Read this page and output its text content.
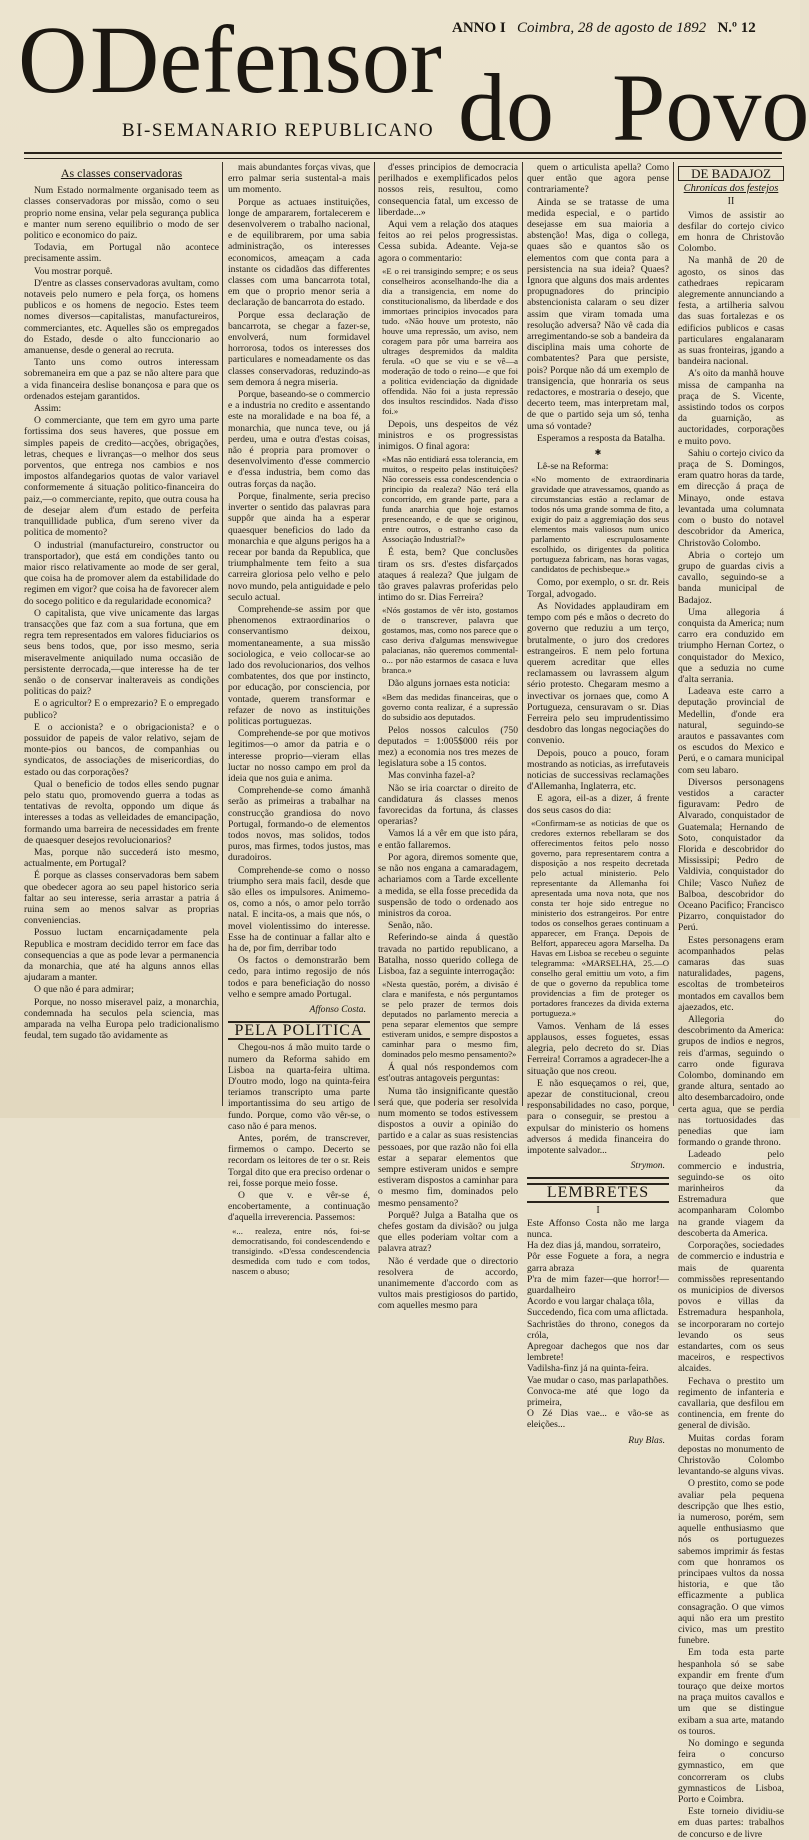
O Defensor do Povo
BI-SEMANARIO REPUBLICANO
ANNO I Coimbra, 28 de agosto de 1892 N.º 12
As classes conservadoras

Num Estado normalmente organisado teem as classes conservadoras por missão, como o seu proprio nome ensina, velar pela segurança publica e manter num sereno equilibrio o modo de ser politico e economico do paiz.

Todavia, em Portugal não acontece precisamente assim.

Vou mostrar porquê.

D'entre as classes conservadoras avultam, como notaveis pelo numero e pela força, os homens publicos e os homens de negocio. Estes teem nomes diversos—capitalistas, manufactureiros, commerciantes, etc. Aquelles são os empregados do Estado, desde o alto funccionario ao amanuense, desde o general ao recruta.

Tanto uns como outros interessam sobremaneira em que a paz se não altere para que a vida financeira deslise bonançosa e para que os ordenados estejam garantidos.

Assim:

O commerciante, que tem em gyro uma parte fortissima dos seus haveres, que possue em simples papeis de credito—acções, obrigações, letras, cheques e livranças—o melhor dos seus porventos, que entrega nos cambios e nos impostos alfandegarios quotas de valor variavel conformemente á situação politico-financeira do paiz,—o commerciante, repito, que outra cousa ha de desejar alem d'um estado de perfeita tranquillidade publica, d'um sereno viver da politica de momento?

O industrial (manufactureiro, constructor ou transportador), que está em condições tanto ou maior risco relativamente ao mode de ser geral, que coisa ha de promover alem da estabilidade do regimen em vigor? que coisa ha de favorecer alem do socego politico e da regularidade economica?

O capitalista, que vive unicamente das largas transacções que faz com a sua fortuna, que em regra tem representados em valores fiduciarios os seus bens todos, que, por isso mesmo, seria miseravelmente aniquilado numa occasião de persistente derrocada,—que interesse ha de ter senão o de conservar inalteraveis as condições politicas do paiz?

E o agricultor? E o emprezario? E o empregado publico?

E o accionista? e o obrigacionista? e o possuidor de papeis de valor relativo, sejam de monte-pios ou bancos, de companhias ou syndicatos, de associações de misericordias, do estado ou das corporações?

Qual o beneficio de todos elles sendo pugnar pelo statu quo, promovendo guerra a todas as tentativas de revolta, oppondo um dique ás interesses a todas as velleidades de emancipação, formando uma barreira de necessidades em frente de quaesquer desejos revolucionarios?

Mas, porque não succederá isto mesmo, actualmente, em Portugal?

É porque as classes conservadoras bem sabem que obedecer agora ao seu papel historico seria faltar ao seu interesse, seria arrastar a patria á ruina sem ao menos salvar as proprias conveniencias.

Possuo luctam encarniçadamente pela Republica e mostram decidido terror em face das consequencias a que as pode levar a permanencia da monarchia, que até ha alguns annos ellas ajudaram a manter.

O que não é para admirar;

Porque, no nosso miseravel paiz, a monarchia, condemnada ha seculos pela sciencia, mas amparada na velha Europa pelo tradicionalismo feudal, tem sugado tão avidamente as

mais abundantes forças vivas, que erro palmar seria sustental-a mais um momento.

Porque as actuaes instituições, longe de ampararem, fortalecerem e desenvolverem o trabalho nacional, e de equilibrarem, por uma sabia administração, os interesses economicos, ameaçam a cada instante os cidadãos das differentes classes com uma bancarrota total, em que o proprio menor seria a declaração de bancarrota do estado.

Porque essa declaração de bancarrota, se chegar a fazer-se, envolverá, num formidavel horrorosa, todos os interesses dos particulares e nomeadamente os das classes conservadoras, reduzindo-as sem demora á negra miseria.

Porque, baseando-se o commercio e a industria no credito e assentando este na moralidade e na boa fé, a monarchia, que nunca teve, ou já perdeu, uma e outra d'estas coisas, não é propria para promover o desenvolvimento d'esse commercio e d'essa industria, bem como das outras forças da nação.

Porque, finalmente, seria preciso inverter o sentido das palavras para suppôr que ainda ha a esperar quaesquer beneficios do lado da monarchia e que alguns perigos ha a recear por banda da Republica, que triumphalmente tem feito a sua carreira gloriosa pelo velho e pelo novo mundo, pela antiguidade e pelo seculo actual.

Comprehende-se assim por que phenomenos extraordinarios o conservantismo deixou, momentaneamente, a sua missão sociologica, e veio collocar-se ao lado dos revolucionarios, dos velhos combatentes, dos que por instincto, por educação, por consciencia, por vontade, querem transformar e refazer de novo as instituições politicas portuguezas.

Comprehende-se por que motivos legitimos—o amor da patria e o interesse proprio—vieram ellas luctar no nosso campo em prol da ideia que nos guia e anima.

Comprehende-se como ámanhã serão as primeiras a trabalhar na construcção grandiosa do novo Portugal, formando-o de elementos todos novos, mas solidos, todos puros, mas firmes, todos justos, mas duradoiros.

Comprehende-se como o nosso triumpho sera mais facil, desde que são elles os impulsores. Animemo-os, como a nós, o amor pelo torrão natal. E incita-os, a mais que nós, o movel violentissimo do interesse. Esse ha de continuar a fallar alto e ha de, por fim, derribar todo

Os factos o demonstrarão bem cedo, para intimo regosijo de nós todos e para beneficiação do nosso velho e sempre amado Portugal.

Affonso Costa.
PELA POLITICA

Chegou-nos á mão muito tarde o numero da Reforma sahido em Lisboa na quarta-feira ultima. D'outro modo, logo na quinta-feira teriamos transcripto uma parte importantissima do seu artigo de fundo. Porque, como vão vêr-se, o caso não é para menos.

Antes, porém, de transcrever, firmemos o campo. Decerto se recordam os leitores de ter o sr. Reis Torgal dito que era preciso ordenar o rei, fosse porque meio fosse.

O que v. e vêr-se é, encobertamente, a continuação d'aquella irreverencia. Passemos:

«... realeza, entre nós, foi-se democratisando, foi condescendendo e transigindo. «D'essa condescendencia desmedida com tudo e com todos, nascem o abuso;

d'esses principios de democracia perilhados e exemplificados pelos nossos reis, resultou, como consequencia fatal, um excesso de liberdade...»

Aqui vem a relação dos ataques feitos ao rei pelos progressistas. Cessa subida. Adeante. Veja-se agora o commentario:

«E o rei transigindo sempre; e os seus conselheiros aconselhando-lhe dia a dia a transigencia, em nome do constitucionalismo, da liberdade e dos immortaes principios invocados para tudo. «Não houve um protesto, não houve uma repressão, um aviso, nem coragem para pôr uma barreira aos ultrages despremidos da maldita ferula. «O que se viu e se vê—a moderação de todo o reino—e que foi a politica evidenciação da dignidade offendida. Não foi a justa repressão dos insultos rescindidos. Nada d'isso foi.»

Depois, uns despeitos de véz ministros e os progressistas inimigos. O final agora:

«Mas não entidiará essa tolerancia, em muitos, o respeito pelas instituições? Não coresseis essa condescendencia o principio da realeza? Não terá ella concorrido, em grande parte, para a funda anarchia que hoje estamos presenceando, e de que se originou, entre outros, o estranho caso da Associação Industrial?»

É esta, bem? Que conclusões tiram os srs. d'estes disfarçados ataques á realeza? Que julgam de tão graves palavras proferidas pelo intimo do sr. Dias Ferreira?

«Nós gostamos de vêr isto, gostamos de o transcrever, palavra que gostamos, mas, como nos parece que o caso deriva d'algumas menswivegue palacianas, não queremos commental-o... por não estarmos de casaca e luva branca.»

Dão alguns jornaes esta noticia:

«Bem das medidas financeiras, que o governo conta realizar, é a supressão do subsidio aos deputados.

Pelos nossos calculos (750 deputados = 1:005$000 réis por mez) a economia nos tres mezes de legislatura sobe a 15 contos.

Mas convinha fazel-a?

Não se iria coarctar o direito de candidatura ás classes menos favorecidas da fortuna, ás classes operarias?

Vamos lá a vêr em que isto pára, e então fallaremos.

Por agora, diremos somente que, se não nos engana a camaradagem, achariamos com a Tarde excellente a medida, se ella fosse precedida da suspensão de todo o ordenado aos ministros da coroa.

Senão, não.

Referindo-se ainda á questão travada no partido republicano, a Batalha, nosso querido collega de Lisboa, faz a seguinte interrogação:

«Nesta questão, porém, a divisão é clara e manifesta, e nós perguntamos se pelo prazer de termos dois deputados no parlamento merecia a pena separar elementos que sempre estiveram unidos, e sempre dispostos a caminhar para o mesmo fim, dominados pelo mesmo pensamento?»

Á qual nós respondemos com est'outras antagoveis perguntas:

Numa tão insignificante questão será que, que poderia ser resolvida num momento se todos estivessem dispostos a ouvir a opinião do partido e a calar as suas resistencias pessoaes, por que razão não foi ella estar a separar elementos que sempre estiveram unidos e sempre estiveram dispostos a caminhar para o mesmo fim, dominados pelo mesmo pensamento?

Porquê? Julga a Batalha que os chefes gostam da divisão? ou julga que elles poderiam voltar com a palavra atraz?

Não é verdade que o directorio resolvera de accordo, unanimemente d'accordo com as vultos mais prestigiosos do partido, com aquelles mesmo para

quem o articulista apella? Como quer então que agora pense contrariamente?

Ainda se se tratasse de uma medida especial, e o partido desejasse em sua maioria a abstenção! Mas, diga o collega, quaes são e quantos são os elementos com que conta para a persistencia na sua ideia? Quaes? Ignora que alguns dos mais ardentes propugnadores do principio abstencionista calaram o seu dizer assim que viram tomada uma resolução adversa? Não vê cada dia arregimentando-se sob a bandeira da disciplina mais uma cohorte de combatentes? Para que persiste, pois? Porque não dá um exemplo de transigencia, que honraria os seus redactores, e mostraria o desejo, que decerto teem, mas interpretam mal, de que o partido seja um só, tenha uma só vontade?

Esperamos a resposta da Batalha.

✱

Lê-se na Reforma:

«No momento de extraordinaria gravidade que atravessamos, quando as circumstancias estão a reclamar de todos nós uma grande somma de fito, a exigir do paiz a aggremiação dos seus elementos mais valiosos num unico parlamento escrupulosamente escolhido, os dirigentes da politica portugueza fabricam, nas horas vagas, candidatos de pechisbeque.»

Como, por exemplo, o sr. dr. Reis Torgal, advogado.

As Novidades applaudiram em tempo com pés e mãos o decreto do governo que reduziu a um terço, brutalmente, o juro dos credores estrangeiros. E nem pelo fortuna querem acreditar que elles reclamassem ou lavrassem algum sério protesto. Chegaram mesmo a invectivar os jornaes que, como A Portugueza, censuravam o sr. Dias Ferreira pelo seu imprudentissimo desdobro das longas negociações do convenio.

Depois, pouco a pouco, foram mostrando as noticias, as irrefutaveis noticias de successivas reclamações d'Allemanha, Inglaterra, etc.

E agora, eil-as a dizer, á frente dos seus casos do dia:

«Confirmam-se as noticias de que os credores externos rebellaram se dos offerecimentos feitos pelo nosso governo, para representarem contra a disposição a nos respeito decretada pelo actual ministerio. Pelo representante da Allemanha foi apresentada uma nova nota, que nos consta ter hoje sido entregue no ministerio dos estrangeiros. Por entre todos os conselhos geraes continuam a apparecer, em França. Depois de Belfort, appareceu agora Marselha. Da Havas em Lisboa se recebeu o seguinte telegramma: «MARSELHA, 25.—O conselho geral emittiu um voto, a fim de que o governo da republica tome providencias a fim de proteger os portadores francezes da divida externa portugueza.»

Vamos. Venham de lá esses applausos, esses foguetes, essas alegria, pelo decreto do sr. Dias Ferreira! Corramos a agradecer-lhe a situação que nos creou.

E não esqueçamos o rei, que, apezar de constitucional, creou responsabilidades no caso, porque, para o conseguir, se prestou a expulsar do ministerio os homens adversos á medida financeira do impotente salvador...

Strymon.
LEMBRETES
I
Este Affonso Costa não me larga nunca.
Ha dez dias já, mandou, sorrateiro,
Pôr esse Foguete a fora, a negra garra abraza
P'ra de mim fazer—que horror!—guardalheiro
Acordo e vou largar chalaça tôla,
Succedendo, fica com uma aflictada.
Sachristães do throno, conegos da cróla,
Apregoar dachegos que nos dar lembrete!
Vadilsha-finz já na quinta-feira.
Vae mudar o caso, mas parlapathões.
Convoca-me até que logo da primeira,
O Zé Dias vae... e vão-se as eleições...
Ruy Blas.
DE BADAJOZ
Chronicas dos festejos
II

Vimos de assistir ao desfilar do cortejo civico em honra de Christovão Colombo.

Na manhã de 20 de agosto, os sinos das cathedraes repicaram alegremente annunciando a festa, a artilheria salvou das suas fortalezas e os edificios publicos e casas particulares engalanaram as suas fronteiras, jgando a bandeira nacional.

A's oito da manhã houve missa de campanha na praça de S. Vicente, assistindo todos os corpos da guarnição, as auctoridades, corporações e muito povo.

Sahiu o cortejo civico da praça de S. Domingos, eram quatro horas da tarde, em direcção á praça de Minayo, onde estava levantada uma columnata com o busto do notavel descobridor da America, Christovão Colombo.

Abria o cortejo um grupo de guardas civis a cavallo, seguindo-se a banda municipal de Badajoz.

Uma allegoria á conquista da America; num carro era conduzido em triumpho Hernan Cortez, o conquistador do Mexico, que a seduzia no cume d'alta serrania.

Ladeava este carro a deputação provincial de Medellin, d'onde era natural, seguindo-se arautos e passavantes com os escudos do Mexico e Perú, e o camara municipal com seu labaro.

Diversos personagens vestidos a caracter figuravam: Pedro de Alvarado, conquistador de Guatemala; Hernando de Soto, conquistador da Florida e descobridor do Mississipi; Pedro de Valdivia, conquistador do Chile; Vasco Nuñez de Balboa, descobridor do Oceano Pacifico; Francisco Pizarro, conquistador do Perú.

Estes personagens eram acompanhados pelas camaras das suas naturalidades, pagens, escoltas de trombeteiros montados em cavallos bem ajaezados, etc.

Allegoria do descobrimento da America: grupos de indios e negros, reis d'armas, seguindo o carro onde figurava Colombo, dominando em grande altura, sentado ao alto desembarcadoiro, onde certa agua, que se perdia nas tortuosidades das penedias que iam formando o grande throno.

Ladeado pelo commercio e industria, seguindo-se os oito marinheiros da Estremadura que acompanharam Colombo na grande viagem da descoberta da America.

Corporações, sociedades de commercio e industria e mais de quarenta commissões representando os municipios de diversos povos e villas da Estremadura hespanhola, se incorporaram no cortejo levando os seus estandartes, com os seus maceiros, e respectivos alcaides.

Fechava o prestito um regimento de infanteria e cavallaria, que desfilou em continencia, em frente do general de divisão.

Muitas cordas foram depostas no monumento de Christovão Colombo levantando-se alguns vivas.

O prestito, como se pode avaliar pela pequena descripção que lhes estio, ia numeroso, porém, sem aquelle enthusiasmo que nós os portuguezes sabemos imprimir ás festas com que honramos os principaes vultos da nossa historia, e que tão efficazmente a publica consagração. O que vimos aqui não era um prestito civico, mas um prestito funebre.

Em toda esta parte hespanhola só se sabe expandir em frente d'um touraço que deixe mortos na praça muitos cavallos e um que se distingue exibam a sua arte, matando os touros.

No domingo e segunda feira o concurso gymnastico, em que concorreram os clubs gymnasticos de Lisboa, Porto e Coimbra.

Este torneio dividiu-se em duas partes: trabalhos de concurso e de livre
